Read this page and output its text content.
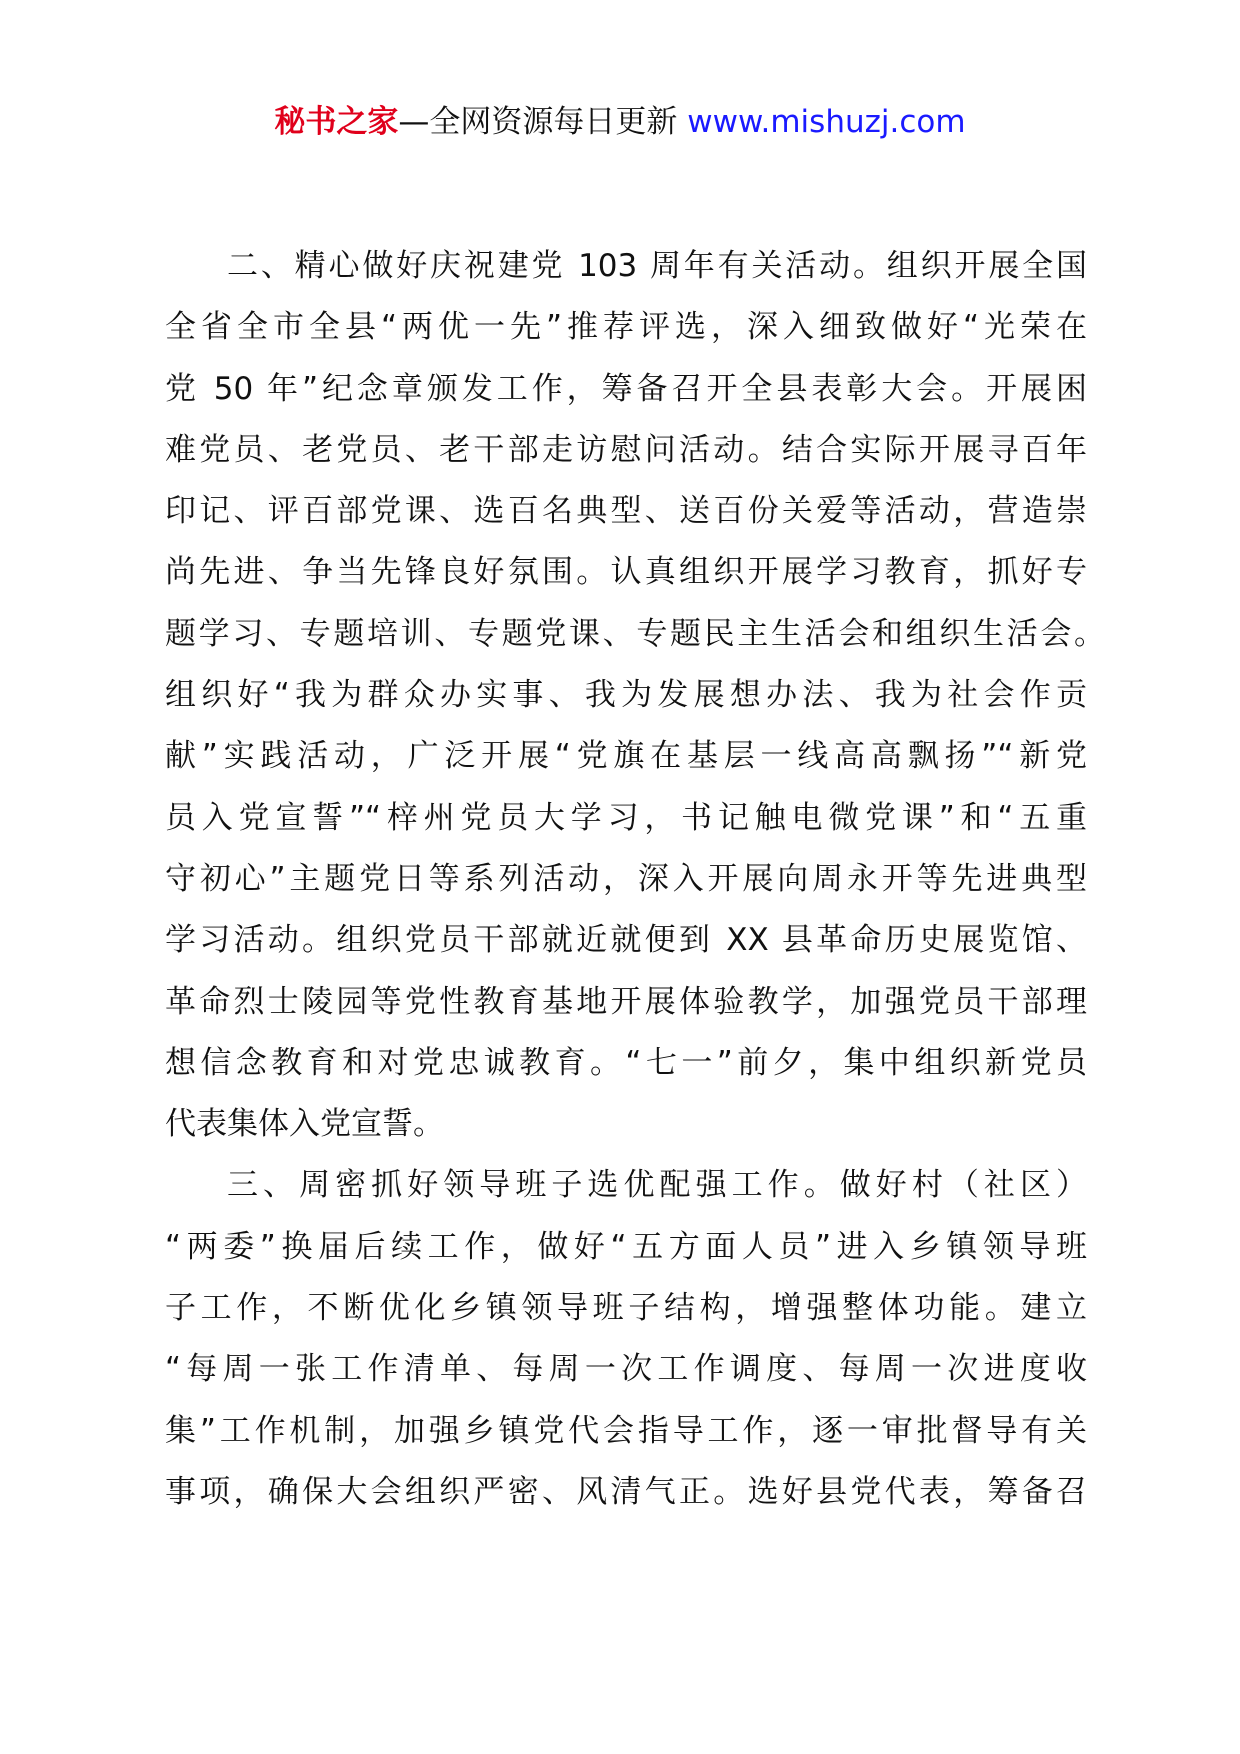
秘书之家—全网资源每日更新 www.mishuzj.com
二、精心做好庆祝建党 103 周年有关活动。组织开展全国
全省全市全县“两优一先”推荐评选，深入细致做好“光荣在
党 50 年”纪念章颁发工作，筹备召开全县表彰大会。开展困
难党员、老党员、老干部走访慰问活动。结合实际开展寻百年
印记、评百部党课、选百名典型、送百份关爱等活动，营造崇
尚先进、争当先锋良好氛围。认真组织开展学习教育，抓好专
题学习、专题培训、专题党课、专题民主生活会和组织生活会。
组织好“我为群众办实事、我为发展想办法、我为社会作贡
献”实践活动，广泛开展“党旗在基层一线高高飘扬”“新党
员入党宣誓”“梓州党员大学习，书记触电微党课”和“五重
守初心”主题党日等系列活动，深入开展向周永开等先进典型
学习活动。组织党员干部就近就便到 XX 县革命历史展览馆、
革命烈士陵园等党性教育基地开展体验教学，加强党员干部理
想信念教育和对党忠诚教育。“七一”前夕，集中组织新党员
代表集体入党宣誓。
三、周密抓好领导班子选优配强工作。做好村（社区）
“两委”换届后续工作，做好“五方面人员”进入乡镇领导班
子工作，不断优化乡镇领导班子结构，增强整体功能。建立
“每周一张工作清单、每周一次工作调度、每周一次进度收
集”工作机制，加强乡镇党代会指导工作，逐一审批督导有关
事项，确保大会组织严密、风清气正。选好县党代表，筹备召
